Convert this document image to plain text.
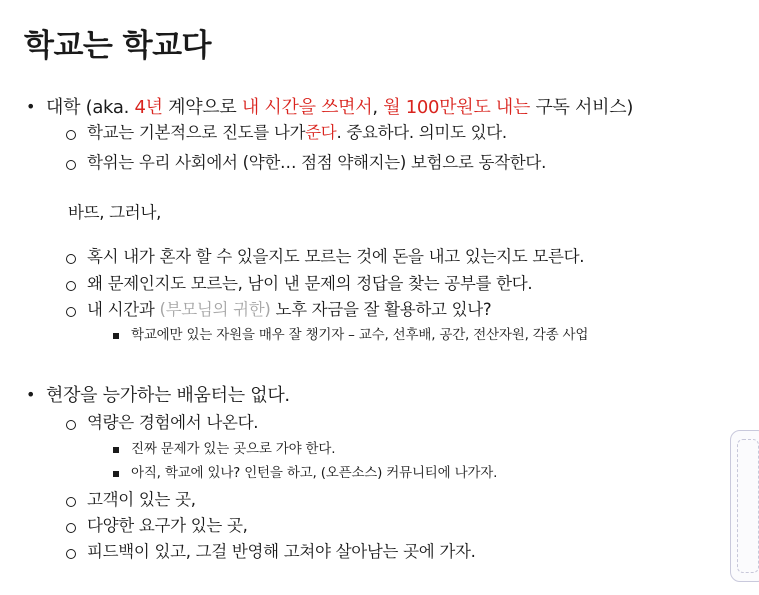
학교는 학교다
• 대학 (aka. 4년 계약으로 내 시간을 쓰면서, 월 100만원도 내는 구독 서비스)
학교는 기본적으로 진도를 나가준다. 중요하다. 의미도 있다.
학위는 우리 사회에서 (약한… 점점 약해지는) 보험으로 동작한다.
바뜨, 그러나,
혹시 내가 혼자 할 수 있을지도 모르는 것에 돈을 내고 있는지도 모른다.
왜 문제인지도 모르는, 남이 낸 문제의 정답을 찾는 공부를 한다.
내 시간과 (부모님의 귀한) 노후 자금을 잘 활용하고 있나?
학교에만 있는 자원을 매우 잘 챙기자 – 교수, 선후배, 공간, 전산자원, 각종 사업
• 현장을 능가하는 배움터는 없다.
역량은 경험에서 나온다.
진짜 문제가 있는 곳으로 가야 한다.
아직, 학교에 있나? 인턴을 하고, (오픈소스) 커뮤니티에 나가자.
고객이 있는 곳,
다양한 요구가 있는 곳,
피드백이 있고, 그걸 반영해 고쳐야 살아남는 곳에 가자.
